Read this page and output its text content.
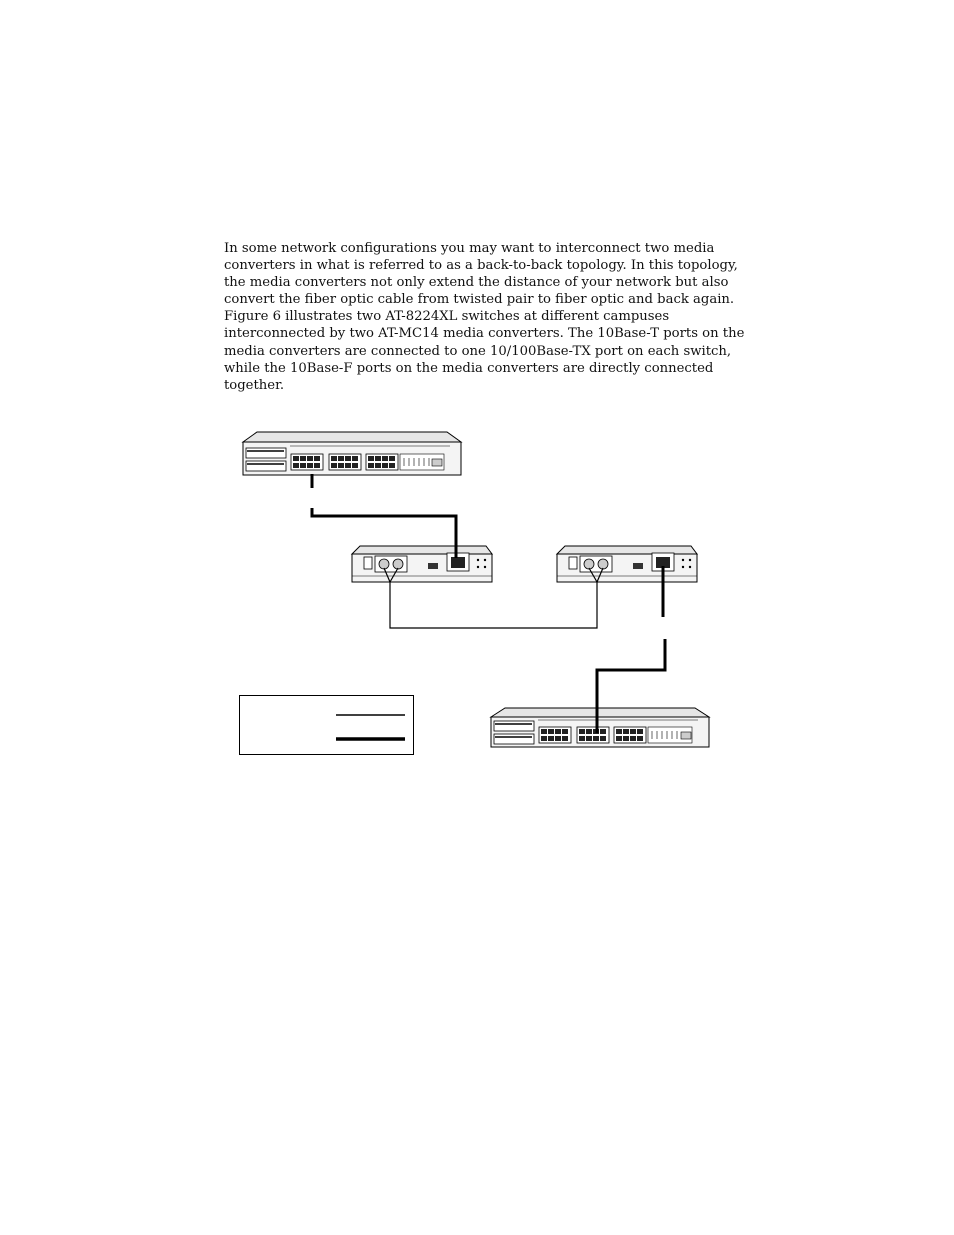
In some network configurations you may want to interconnect two media
converters in what is referred to as a back-to-back topology. In this topology,
the media converters not only extend the distance of your network but also
convert the fiber optic cable from twisted pair to fiber optic and back again.
Figure 6 illustrates two AT-8224XL switches at different campuses
interconnected by two AT-MC14 media converters. The 10Base-T ports on the
media converters are connected to one 10/100Base-TX port on each switch,
while the 10Base-F ports on the media converters are directly connected
together.
